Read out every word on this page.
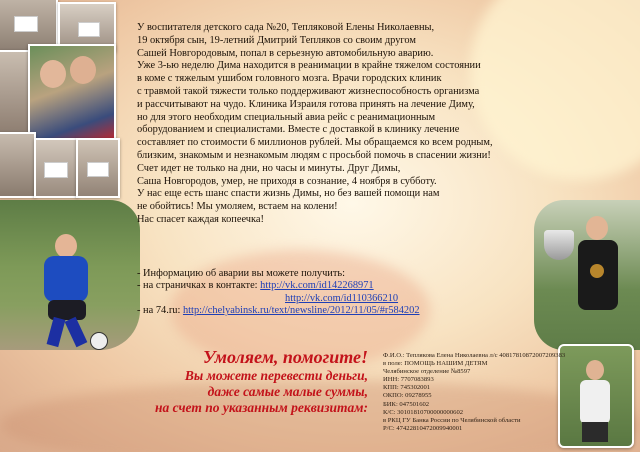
У воспитателя детского сада №20, Тепляковой Елены Николаевны,

19 октября сын, 19-летний Дмитрий Тепляков со своим другом

Сашей Новгородовым, попал в серьезную автомобильную аварию.

Уже 3-ью неделю Дима находится в реанимации в крайне тяжелом состоянии

в коме с тяжелым ушибом головного мозга. Врачи городских клиник

с травмой такой тяжести только поддерживают жизнеспособность организма

и рассчитывают на чудо. Клиника Израиля готова принять на лечение Диму,

но для этого необходим специальный авиа рейс с реанимационным

оборудованием и специалистами. Вместе с доставкой в клинику лечение

составляет по стоимости 6 миллионов рублей. Мы обращаемся ко всем родным,

близким, знакомым и незнакомым людям с просьбой помочь в спасении жизни!

Счет идет не только на дни, но часы и минуты. Друг Димы,

Саша Новгородов, умер, не приходя в сознание, 4 ноября в субботу.

У нас еще есть шанс спасти жизнь Димы, но без вашей помощи нам

не обойтись! Мы умоляем, встаем на колени!

Нас спасет каждая копеечка!

- Информацию об аварии вы можете получить:
- на страничках в контакте: http://vk.com/id142268971
http://vk.com/id110366210
- на 74.ru: http://chelyabinsk.ru/text/newsline/2012/11/05/#r584202
Умоляем, помогите!
Вы можете перевести деньги,
даже самые малые суммы,
на счет по указанным реквизитам:
Ф.И.О.: Теплякова Елена Николаевна л/с 40817810872007209383
в поле: ПОМОЩЬ НАШИМ ДЕТЯМ
Челябинское отделение №8597
ИНН: 7707083893
КПП: 745302001
ОКПО: 09278955
БИК: 047501602
К/С: 30101810700000000602
в РКЦ ГУ Банка России по Челябинской области
Р/С: 47422810472009940001
